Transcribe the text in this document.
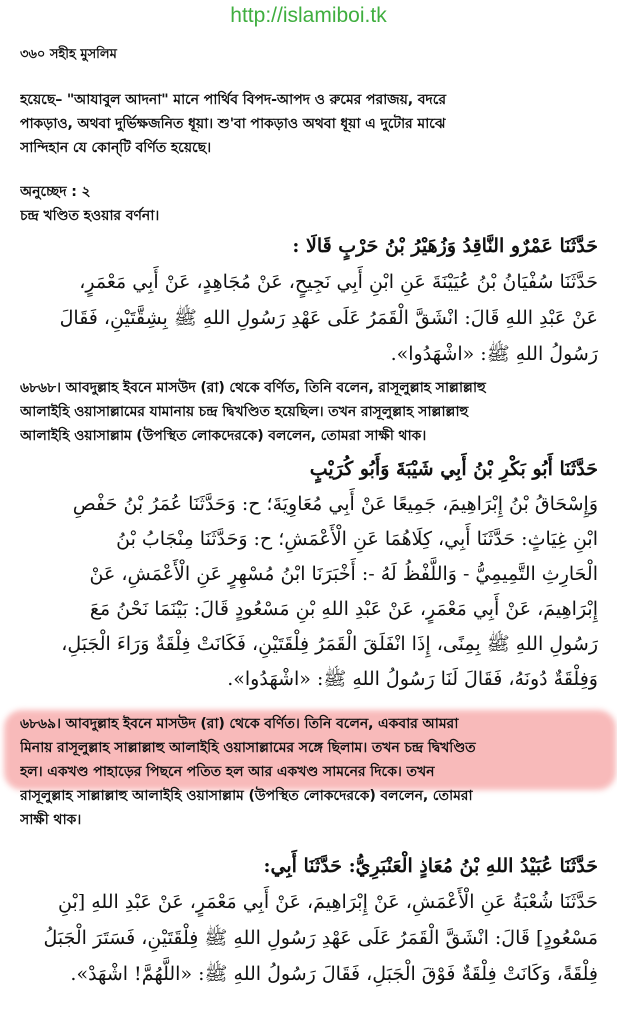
http://islamiboi.tk
৩৬০ সহীহ মুসলিম

হয়েছে– "আযাবুল আদনা" মানে পার্থিব বিপদ-আপদ ও রুমের পরাজয়, বদরে

পাকড়াও, অথবা দুর্ভিক্ষজনিত ধূয়া। শু'বা পাকড়াও অথবা ধূয়া এ দুটোর মাঝে

সান্দিহান যে কোন্‌টি বর্ণিত হয়েছে।

অনুচ্ছেদ : ২

চন্দ্র খণ্ডিত হওয়ার বর্ণনা।

حَدَّثَنَا عَمْرٌو النَّاقِدُ وَزُهَيْرُ بْنُ حَرْبٍ قَالَا :

حَدَّثَنَا سُفْيَانُ بْنُ عُيَيْنَةَ عَنِ ابْنِ أَبِي نَجِيحٍ، عَنْ مُجَاهِدٍ، عَنْ أَبِي مَعْمَرٍ،

عَنْ عَبْدِ اللهِ قَالَ: انْشَقَّ الْقَمَرُ عَلَى عَهْدِ رَسُولِ اللهِ ﷺ بِشِقَّتَيْنِ، فَقَالَ

رَسُولُ اللهِ ﷺ: «اشْهَدُوا».

৬৮৬৮। আবদুল্লাহ ইবনে মাসউদ (রা) থেকে বর্ণিত, তিনি বলেন, রাসূলুল্লাহ সাল্লাল্লাহু

আলাইহি ওয়াসাল্লামের যামানায় চন্দ্র দ্বিখণ্ডিত হয়েছিল। তখন রাসূলুল্লাহ সাল্লাল্লাহু

আলাইহি ওয়াসাল্লাম (উপস্থিত লোকদেরকে) বললেন, তোমরা সাক্ষী থাক।

حَدَّثَنَا أَبُو بَكْرِ بْنُ أَبِي شَيْبَةَ وَأَبُو كُرَيْبٍ

وَإِسْحَاقُ بْنُ إِبْرَاهِيمَ، جَمِيعًا عَنْ أَبِي مُعَاوِيَةَ؛ ح: وَحَدَّثَنَا عُمَرُ بْنُ حَفْصِ

ابْنِ غِيَاثٍ: حَدَّثَنَا أَبِي، كِلَاهُمَا عَنِ الْأَعْمَشِ؛ ح: وَحَدَّثَنَا مِنْجَابُ بْنُ

الْحَارِثِ التَّمِيمِيُّ - وَاللَّفْظُ لَهُ -: أَخْبَرَنَا ابْنُ مُسْهِرٍ عَنِ الْأَعْمَشِ، عَنْ

إِبْرَاهِيمَ، عَنْ أَبِي مَعْمَرٍ، عَنْ عَبْدِ اللهِ بْنِ مَسْعُودٍ قَالَ: بَيْنَمَا نَحْنُ مَعَ

رَسُولِ اللهِ ﷺ بِمِنًى، إِذَا انْفَلَقَ الْقَمَرُ فِلْقَتَيْنِ، فَكَانَتْ فِلْقَةٌ وَرَاءَ الْجَبَلِ،

وَفِلْقَةٌ دُونَهُ، فَقَالَ لَنَا رَسُولُ اللهِ ﷺ: «اشْهَدُوا».

৬৮৬৯। আবদুল্লাহ ইবনে মাসউদ (রা) থেকে বর্ণিত। তিনি বলেন, একবার আমরা

মিনায় রাসূলুল্লাহ সাল্লাল্লাহু আলাইহি ওয়াসাল্লামের সঙ্গে ছিলাম। তখন চন্দ্র দ্বিখণ্ডিত

হল। একখণ্ড পাহাড়ের পিছনে পতিত হল আর একখণ্ড সামনের দিকে। তখন

রাসূলুল্লাহ সাল্লাল্লাহু আলাইহি ওয়াসাল্লাম (উপস্থিত লোকদেরকে) বললেন, তোমরা

সাক্ষী থাক।

حَدَّثَنَا عُبَيْدُ اللهِ بْنُ مُعَاذٍ الْعَنْبَرِيُّ: حَدَّثَنَا أَبِي:

حَدَّثَنَا شُعْبَةُ عَنِ الْأَعْمَشِ، عَنْ إِبْرَاهِيمَ، عَنْ أَبِي مَعْمَرٍ، عَنْ عَبْدِ اللهِ [بْنِ

مَسْعُودٍ] قَالَ: انْشَقَّ الْقَمَرُ عَلَى عَهْدِ رَسُولِ اللهِ ﷺ فِلْقَتَيْنِ، فَسَتَرَ الْجَبَلُ

فِلْقَةً، وَكَانَتْ فِلْقَةٌ فَوْقَ الْجَبَلِ، فَقَالَ رَسُولُ اللهِ ﷺ: «اللَّهُمَّ! اشْهَدْ».
